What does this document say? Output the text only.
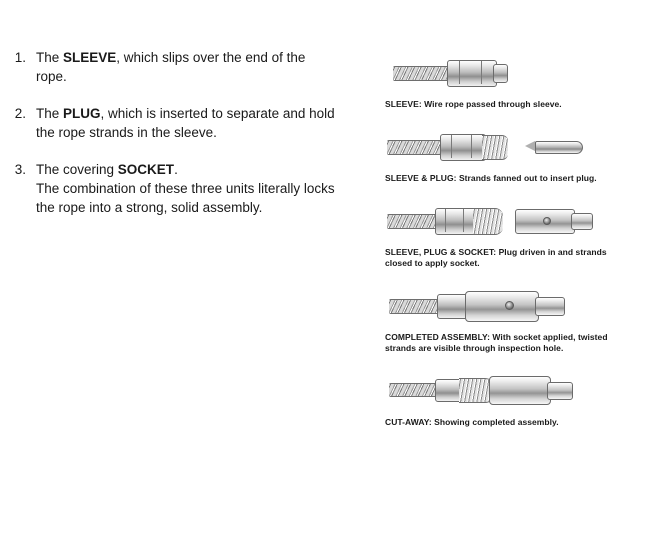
1. The SLEEVE, which slips over the end of the rope.
2. The PLUG, which is inserted to separate and hold the rope strands in the sleeve.
3. The covering SOCKET.
The combination of these three units literally locks the rope into a strong, solid assembly.
SLEEVE: Wire rope passed through sleeve.
SLEEVE & PLUG: Strands fanned out to insert plug.
SLEEVE, PLUG & SOCKET: Plug driven in and strands closed to apply socket.
COMPLETED ASSEMBLY: With socket applied, twisted strands are visible through inspection hole.
CUT-AWAY: Showing completed assembly.
